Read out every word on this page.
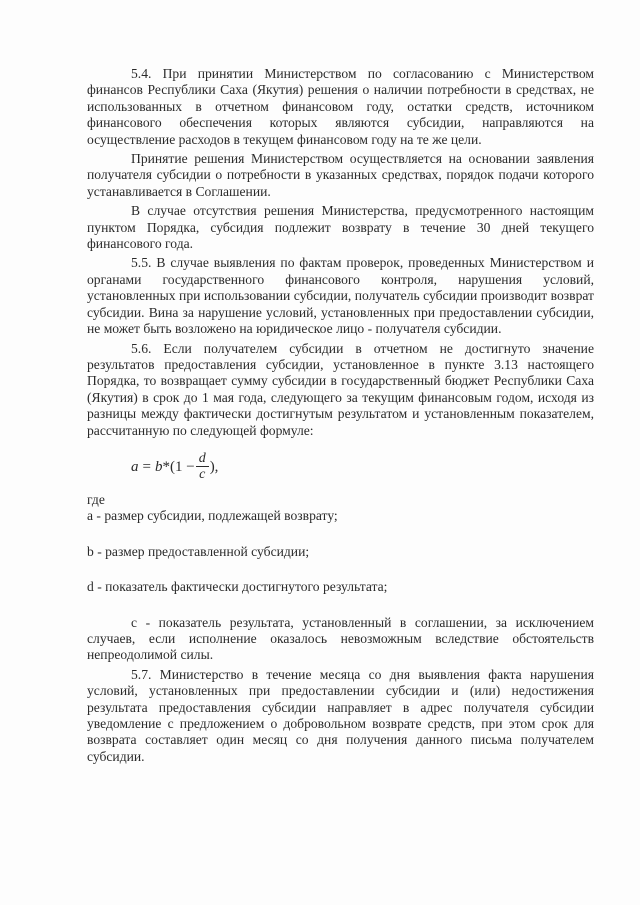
5.4. При принятии Министерством по согласованию с Министерством финансов Республики Саха (Якутия) решения о наличии потребности в средствах, не использованных в отчетном финансовом году, остатки средств, источником финансового обеспечения которых являются субсидии, направляются на осуществление расходов в текущем финансовом году на те же цели.

Принятие решения Министерством осуществляется на основании заявления получателя субсидии о потребности в указанных средствах, порядок подачи которого устанавливается в Соглашении.

В случае отсутствия решения Министерства, предусмотренного настоящим пунктом Порядка, субсидия подлежит возврату в течение 30 дней текущего финансового года.

5.5. В случае выявления по фактам проверок, проведенных Министерством и органами государственного финансового контроля, нарушения условий, установленных при использовании субсидии, получатель субсидии производит возврат субсидии. Вина за нарушение условий, установленных при предоставлении субсидии, не может быть возложено на юридическое лицо - получателя субсидии.

5.6. Если получателем субсидии в отчетном не достигнуто значение результатов предоставления субсидии, установленное в пункте 3.13 настоящего Порядка, то возвращает сумму субсидии в государственный бюджет Республики Саха (Якутия) в срок до 1 мая года, следующего за текущим финансовым годом, исходя из разницы между фактически достигнутым результатом и установленным показателем, рассчитанную по следующей формуле:

$a = b * (1 - \frac{d}{c}$ ),

где

а - размер субсидии, подлежащей возврату;

b - размер предоставленной субсидии;

d - показатель фактически достигнутого результата;

с - показатель результата, установленный в соглашении, за исключением случаев, если исполнение оказалось невозможным вследствие обстоятельств непреодолимой силы.

5.7. Министерство в течение месяца со дня выявления факта нарушения условий, установленных при предоставлении субсидии и (или) недостижения результата предоставления субсидии направляет в адрес получателя субсидии уведомление с предложением о добровольном возврате средств, при этом срок для возврата составляет один месяц со дня получения данного письма получателем субсидии.
